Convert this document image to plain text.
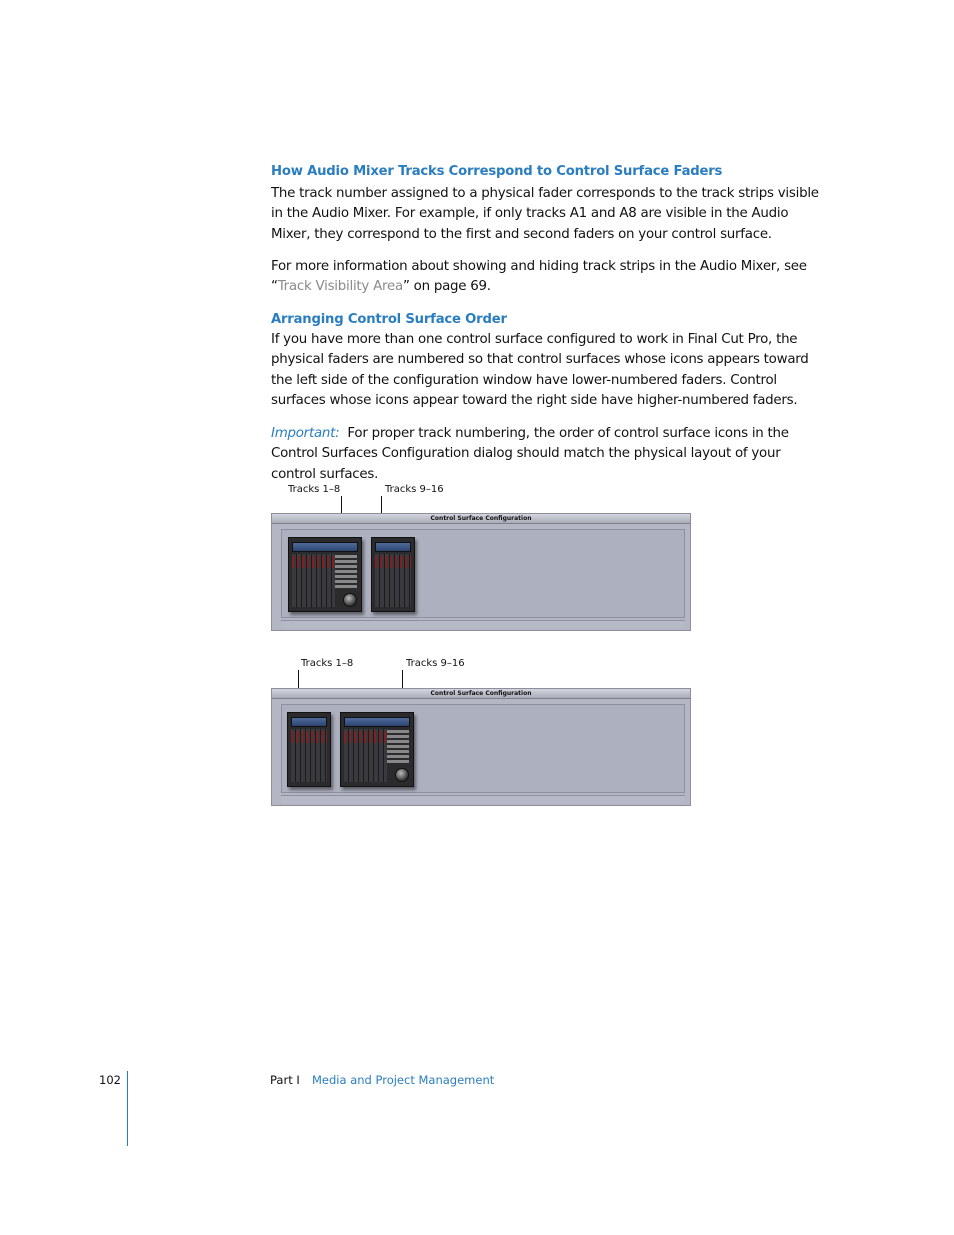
How Audio Mixer Tracks Correspond to Control Surface Faders

The track number assigned to a physical fader corresponds to the track strips visible in the Audio Mixer. For example, if only tracks A1 and A8 are visible in the Audio Mixer, they correspond to the first and second faders on your control surface.

For more information about showing and hiding track strips in the Audio Mixer, see “Track Visibility Area” on page 69.

Arranging Control Surface Order

If you have more than one control surface configured to work in Final Cut Pro, the physical faders are numbered so that control surfaces whose icons appears toward the left side of the configuration window have lower-numbered faders. Control surfaces whose icons appear toward the right side have higher-numbered faders.

Important: For proper track numbering, the order of control surface icons in the Control Surfaces Configuration dialog should match the physical layout of your control surfaces.

Tracks 1–8	Tracks 9–16
Control Surface Configuration
Tracks 1–8	Tracks 9–16
Control Surface Configuration
102	Part I Media and Project Management
